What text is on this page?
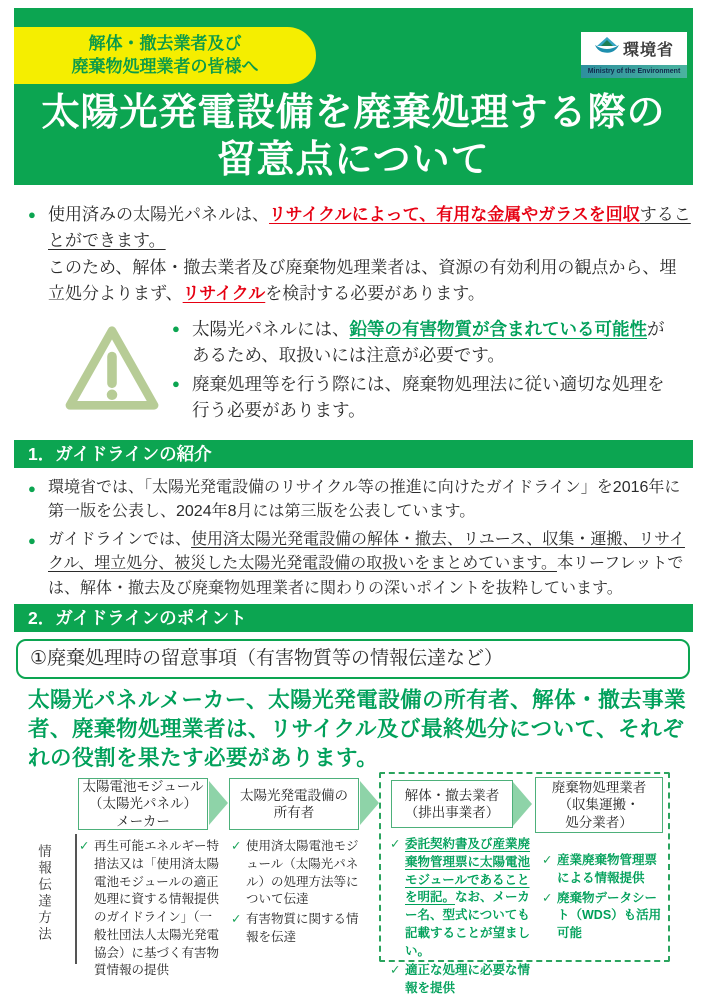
解体・撤去業者及び
廃棄物処理業者の皆様へ
環境省
Ministry of the Environment
太陽光発電設備を廃棄処理する際の
留意点について
● 使用済みの太陽光パネルは、リサイクルによって、有用な金属やガラスを回収することができます。
このため、解体・撤去業者及び廃棄物処理業者は、資源の有効利用の観点から、埋立処分よりまず、リサイクルを検討する必要があります。
● 太陽光パネルには、鉛等の有害物質が含まれている可能性があるため、取扱いには注意が必要です。
● 廃棄処理等を行う際には、廃棄物処理法に従い適切な処理を行う必要があります。
1．ガイドラインの紹介
● 環境省では、「太陽光発電設備のリサイクル等の推進に向けたガイドライン」を2016年に第一版を公表し、2024年8月には第三版を公表しています。
● ガイドラインでは、使用済太陽光発電設備の解体・撤去、リユース、収集・運搬、リサイクル、埋立処分、被災した太陽光発電設備の取扱いをまとめています。本リーフレットでは、解体・撤去及び廃棄物処理業者に関わりの深いポイントを抜粋しています。
2．ガイドラインのポイント
①廃棄処理時の留意事項（有害物質等の情報伝達など）
太陽光パネルメーカー、太陽光発電設備の所有者、解体・撤去事業者、廃棄物処理業者は、リサイクル及び最終処分について、それぞれの役割を果たす必要があります。
情報伝達方法
太陽電池モジュール
（太陽光パネル）
メーカー
太陽光発電設備の
所有者
解体・撤去業者
（排出事業者）
廃棄物処理業者
（収集運搬・
処分業者）
✓ 再生可能エネルギー特措法又は「使用済太陽電池モジュールの適正処理に資する情報提供のガイドライン」（一般社団法人太陽光発電協会）に基づく有害物質情報の提供
✓ 使用済太陽電池モジュール（太陽光パネル）の処理方法等について伝達
✓ 有害物質に関する情報を伝達
✓ 委託契約書及び産業廃棄物管理票に太陽電池モジュールであることを明記。なお、メーカー名、型式についても記載することが望ましい。
✓ 適正な処理に必要な情報を提供
✓ 産業廃棄物管理票による情報提供
✓ 廃棄物データシート（WDS）も活用可能
